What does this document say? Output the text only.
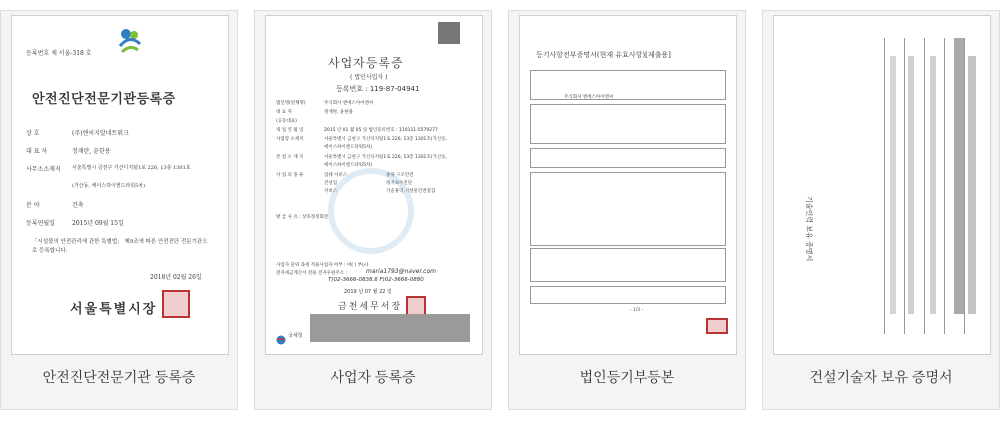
등록번호 제 서울-318 호
안전진단전문기관등록증
상 호	(주)엔씨지알네트워크
대 표 자	정재란, 윤한용
사무소소재지 서울특별시 금천구 가산디지털1로 226, 13층 1301호
(가산동, 에이스하이엔드타워5차)
분 야	건축
등록연월일	2015년 09월 15일
「시설물의 안전관리에 관한 특별법」 제9조에 따른 안전진단 전문기관으로 등록합니다.
2018년 02월 26일
서울특별시장
안전진단전문기관 등록증
사업자등록증
( 법인사업자 )
등록번호 : 119-87-04941
법인명(단체명)	주식회사 엔에스아이엔씨
대 표 자	정재란, 윤한용
(공동대표)
개 업 연 월 일	2015 년 01 월 05 일 법인등록번호 : 110111-5579277
사업장 소재지	서울특별시 금천구 가산디지털1로 226, 13층 1301호(가산동,
에이스하이엔드타워5차)
본 점 소 재 지	서울특별시 금천구 가산디지털1로 226, 13층 1301호(가산동,
에이스하이엔드타워5차)
사 업 의 종 류	업태 서비스	종목 구조안전
건설업	정지보수진단
서비스	기술용역,시설물안전점검
발 급 사 유 : 상호정정회전
사업자 단위 과세 적용사업자 여부 : 여( ) 부(√)
전자세금계산서 전용 전자우편주소 :	maria1793@naver.com
T)02-3666-0838,6 F)02-3666-0880
2019 년 07 월 22 일
금천세무서장
국세청
사업자 등록증
등기사항전부증명서(현재 유효사항)[제출용]
주식회사 엔에스아이엔씨
- 1/3 -
법인등기부등본
기술인력 보유 증명서
건설기술자 보유 증명서
